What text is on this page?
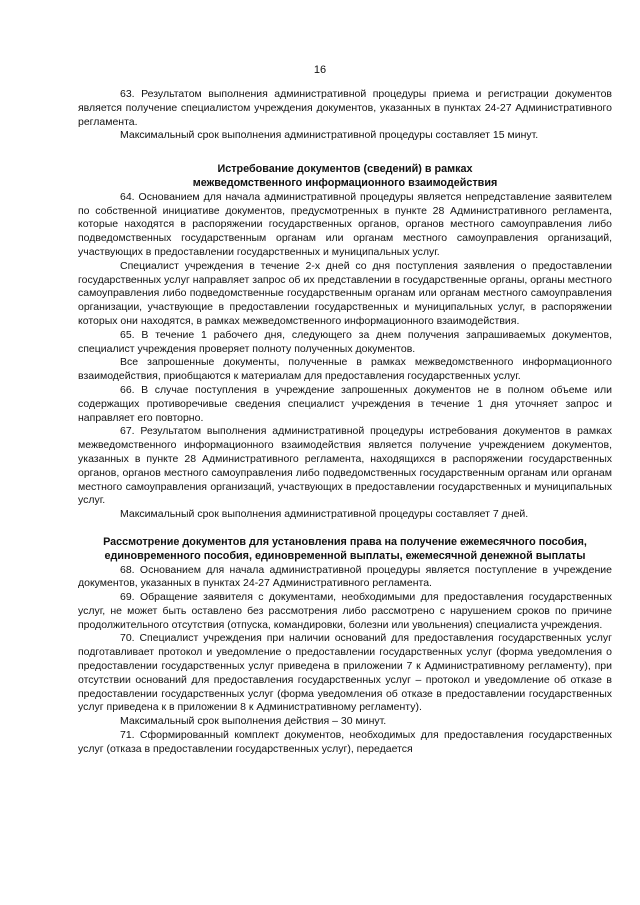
16

63. Результатом выполнения административной процедуры приема и регистрации документов является получение специалистом учреждения документов, указанных в пунктах 24-27 Административного регламента.

Максимальный срок выполнения административной процедуры составляет 15 минут.

Истребование документов (сведений) в рамках
межведомственного информационного взаимодействия

64. Основанием для начала административной процедуры является непредставление заявителем по собственной инициативе документов, предусмотренных в пункте 28 Административного регламента, которые находятся в распоряжении государственных органов, органов местного самоуправления либо подведомственных государственным органам или органам местного самоуправления организаций, участвующих в предоставлении государственных и муниципальных услуг.

Специалист учреждения в течение 2-х дней со дня поступления заявления о предоставлении государственных услуг направляет запрос об их представлении в государственные органы, органы местного самоуправления либо подведомственные государственным органам или органам местного самоуправления организации, участвующие в предоставлении государственных и муниципальных услуг, в распоряжении которых они находятся, в рамках межведомственного информационного взаимодействия.

65. В течение 1 рабочего дня, следующего за днем получения запрашиваемых документов, специалист учреждения проверяет полноту полученных документов.

Все запрошенные документы, полученные в рамках межведомственного информационного взаимодействия, приобщаются к материалам для предоставления государственных услуг.

66. В случае поступления в учреждение запрошенных документов не в полном объеме или содержащих противоречивые сведения специалист учреждения в течение 1 дня уточняет запрос и направляет его повторно.

67. Результатом выполнения административной процедуры истребования документов в рамках межведомственного информационного взаимодействия является получение учреждением документов, указанных в пункте 28 Административного регламента, находящихся в распоряжении государственных органов, органов местного самоуправления либо подведомственных государственным органам или органам местного самоуправления организаций, участвующих в предоставлении государственных и муниципальных услуг.

Максимальный срок выполнения административной процедуры составляет 7 дней.

Рассмотрение документов для установления права на получение ежемесячного пособия,
единовременного пособия, единовременной выплаты, ежемесячной денежной выплаты

68. Основанием для начала административной процедуры является поступление в учреждение документов, указанных в пунктах 24-27 Административного регламента.

69. Обращение заявителя с документами, необходимыми для предоставления государственных услуг, не может быть оставлено без рассмотрения либо рассмотрено с нарушением сроков по причине продолжительного отсутствия (отпуска, командировки, болезни или увольнения) специалиста учреждения.

70. Специалист учреждения при наличии оснований для предоставления государственных услуг подготавливает протокол и уведомление о предоставлении государственных услуг (форма уведомления о предоставлении государственных услуг приведена в приложении 7 к Административному регламенту), при отсутствии оснований для предоставления государственных услуг – протокол и уведомление об отказе в предоставлении государственных услуг (форма уведомления об отказе в предоставлении государственных услуг приведена к в приложении 8 к Административному регламенту).

Максимальный срок выполнения действия – 30 минут.

71. Сформированный комплект документов, необходимых для предоставления государственных услуг (отказа в предоставлении государственных услуг), передается
